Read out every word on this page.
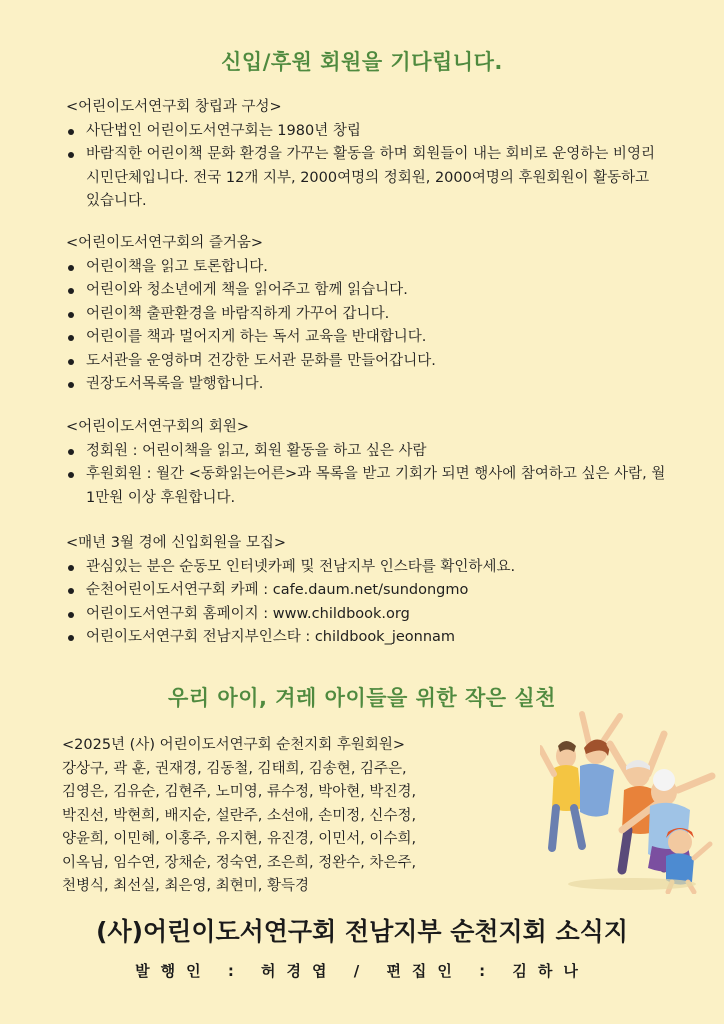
신입/후원 회원을 기다립니다.

<어린이도서연구회 창립과 구성>

사단법인 어린이도서연구회는 1980년 창립
바람직한 어린이책 문화 환경을 가꾸는 활동을 하며 회원들이 내는 회비로 운영하는 비영리시민단체입니다. 전국 12개 지부, 2000여명의 정회원, 2000여명의 후원회원이 활동하고 있습니다.

<어린이도서연구회의 즐거움>

어린이책을 읽고 토론합니다.
어린이와 청소년에게 책을 읽어주고 함께 읽습니다.
어린이책 출판환경을 바람직하게 가꾸어 갑니다.
어린이를 책과 멀어지게 하는 독서 교육을 반대합니다.
도서관을 운영하며 건강한 도서관 문화를 만들어갑니다.
권장도서목록을 발행합니다.

<어린이도서연구회의 회원>

정회원 : 어린이책을 읽고, 회원 활동을 하고 싶은 사람
후원회원 : 월간 <동화읽는어른>과 목록을 받고 기회가 되면 행사에 참여하고 싶은 사람, 월 1만원 이상 후원합니다.

<매년 3월 경에 신입회원을 모집>

관심있는 분은 순동모 인터넷카페 및 전남지부 인스타를 확인하세요.
순천어린이도서연구회 카페 : cafe.daum.net/sundongmo
어린이도서연구회 홈페이지 : www.childbook.org
어린이도서연구회 전남지부인스타 : childbook_jeonnam
우리 아이, 겨레 아이들을 위한 작은 실천

<2025년 (사) 어린이도서연구회 순천지회 후원회원>

강상구, 곽 훈, 권재경, 김동철, 김태희, 김송현, 김주은,
김영은, 김유순, 김현주, 노미영, 류수정, 박아현, 박진경,
박진선, 박현희, 배지순, 설란주, 소선애, 손미정, 신수정,
양윤희, 이민혜, 이홍주, 유지현, 유진경, 이민서, 이수희,
이옥님, 임수연, 장채순, 정숙연, 조은희, 정완수, 차은주,
천병식, 최선실, 최은영, 최현미, 황득경

(사)어린이도서연구회 전남지부 순천지회 소식지
발행인 : 허경엽 / 편집인 : 김하나
